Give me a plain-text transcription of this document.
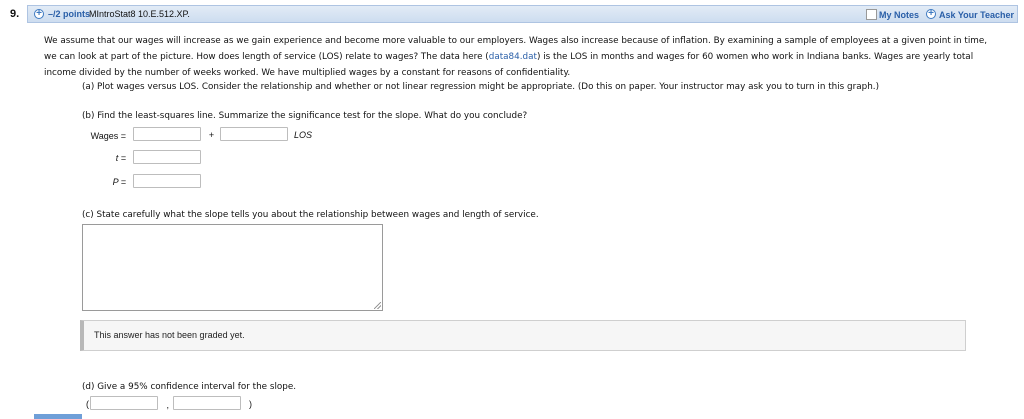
9. + –/2 points
MIntroStat8 10.E.512.XP.	My Notes + Ask Your Teacher
We assume that our wages will increase as we gain experience and become more valuable to our employers. Wages also increase because of inflation. By examining a sample of employees at a given point in time, we can look at part of the picture. How does length of service (LOS) relate to wages? The data here (data84.dat) is the LOS in months and wages for 60 women who work in Indiana banks. Wages are yearly total income divided by the number of weeks worked. We have multiplied wages by a constant for reasons of confidentiality.
(a) Plot wages versus LOS. Consider the relationship and whether or not linear regression might be appropriate. (Do this on paper. Your instructor may ask you to turn in this graph.)
(b) Find the least-squares line. Summarize the significance test for the slope. What do you conclude?
Wages =	+	LOS
t =
P =
(c) State carefully what the slope tells you about the relationship between wages and length of service.
This answer has not been graded yet.
(d) Give a 95% confidence interval for the slope.
(	,	)
